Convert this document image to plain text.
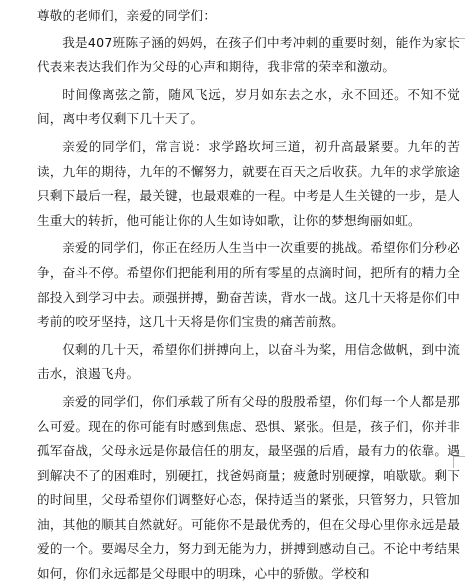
尊敬的老师们，亲爱的同学们：

我是407班陈子涵的妈妈，在孩子们中考冲刺的重要时刻，能作为家长代表来表达我们作为父母的心声和期待，我非常的荣幸和激动。

时间像离弦之箭，随风飞远，岁月如东去之水，永不回还。不知不觉间，离中考仅剩下几十天了。

亲爱的同学们，常言说：求学路坎坷三道，初升高最紧要。九年的苦读，九年的期待，九年的不懈努力，就要在百天之后收获。九年的求学旅途只剩下最后一程，最关键，也最艰难的一程。中考是人生关键的一步，是人生重大的转折，他可能让你的人生如诗如歌，让你的梦想绚丽如虹。

亲爱的同学们，你正在经历人生当中一次重要的挑战。希望你们分秒必争，奋斗不停。希望你们把能利用的所有零星的点滴时间，把所有的精力全部投入到学习中去。顽强拼搏，勤奋苦读，背水一战。这几十天将是你们中考前的咬牙坚持，这几十天将是你们宝贵的痛苦前熬。

仅剩的几十天，希望你们拼搏向上，以奋斗为桨，用信念做帆，到中流击水，浪遏飞舟。

亲爱的同学们，你们承载了所有父母的殷殷希望，你们每一个人都是那么可爱。现在的你可能有时感到焦虑、恐惧、紧张。但是，孩子们，你并非孤军奋战，父母永远是你最信任的朋友，最坚强的后盾，最有力的依靠。遇到解决不了的困难时，别硬扛，找爸妈商量；疲惫时别硬撑，咱歇歇。剩下的时间里，父母希望你们调整好心态，保持适当的紧张，只管努力，只管加油，其他的顺其自然就好。可能你不是最优秀的，但在父母心里你永远是最爱的一个。要竭尽全力，努力到无能为力，拼搏到感动自己。不论中考结果如何，你们永远都是父母眼中的明珠，心中的骄傲。学校和
